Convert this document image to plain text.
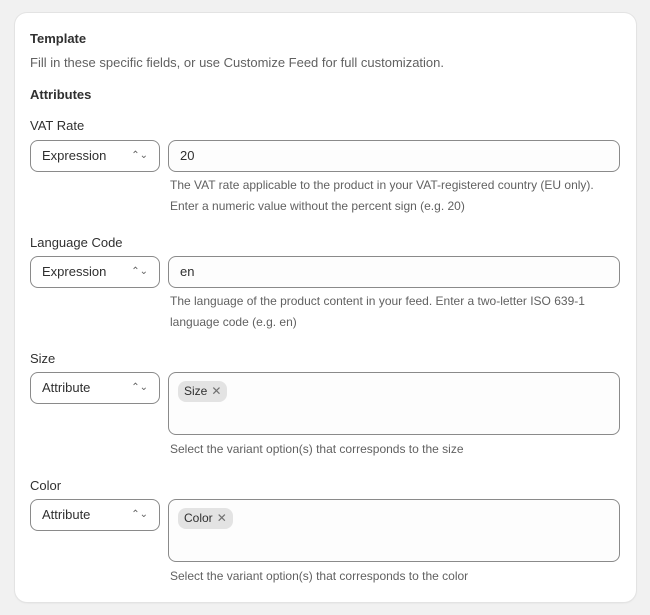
Template
Fill in these specific fields, or use Customize Feed for full customization.
Attributes
VAT Rate
Expression ⌃⌄	20
The VAT rate applicable to the product in your VAT-registered country (EU only). Enter a numeric value without the percent sign (e.g. 20)
Language Code
Expression ⌃⌄	en
The language of the product content in your feed. Enter a two-letter ISO 639-1 language code (e.g. en)
Size
Attribute	⌃⌄	Size ✕
Select the variant option(s) that corresponds to the size
Color
Attribute	⌃⌄	Color ✕
Select the variant option(s) that corresponds to the color
